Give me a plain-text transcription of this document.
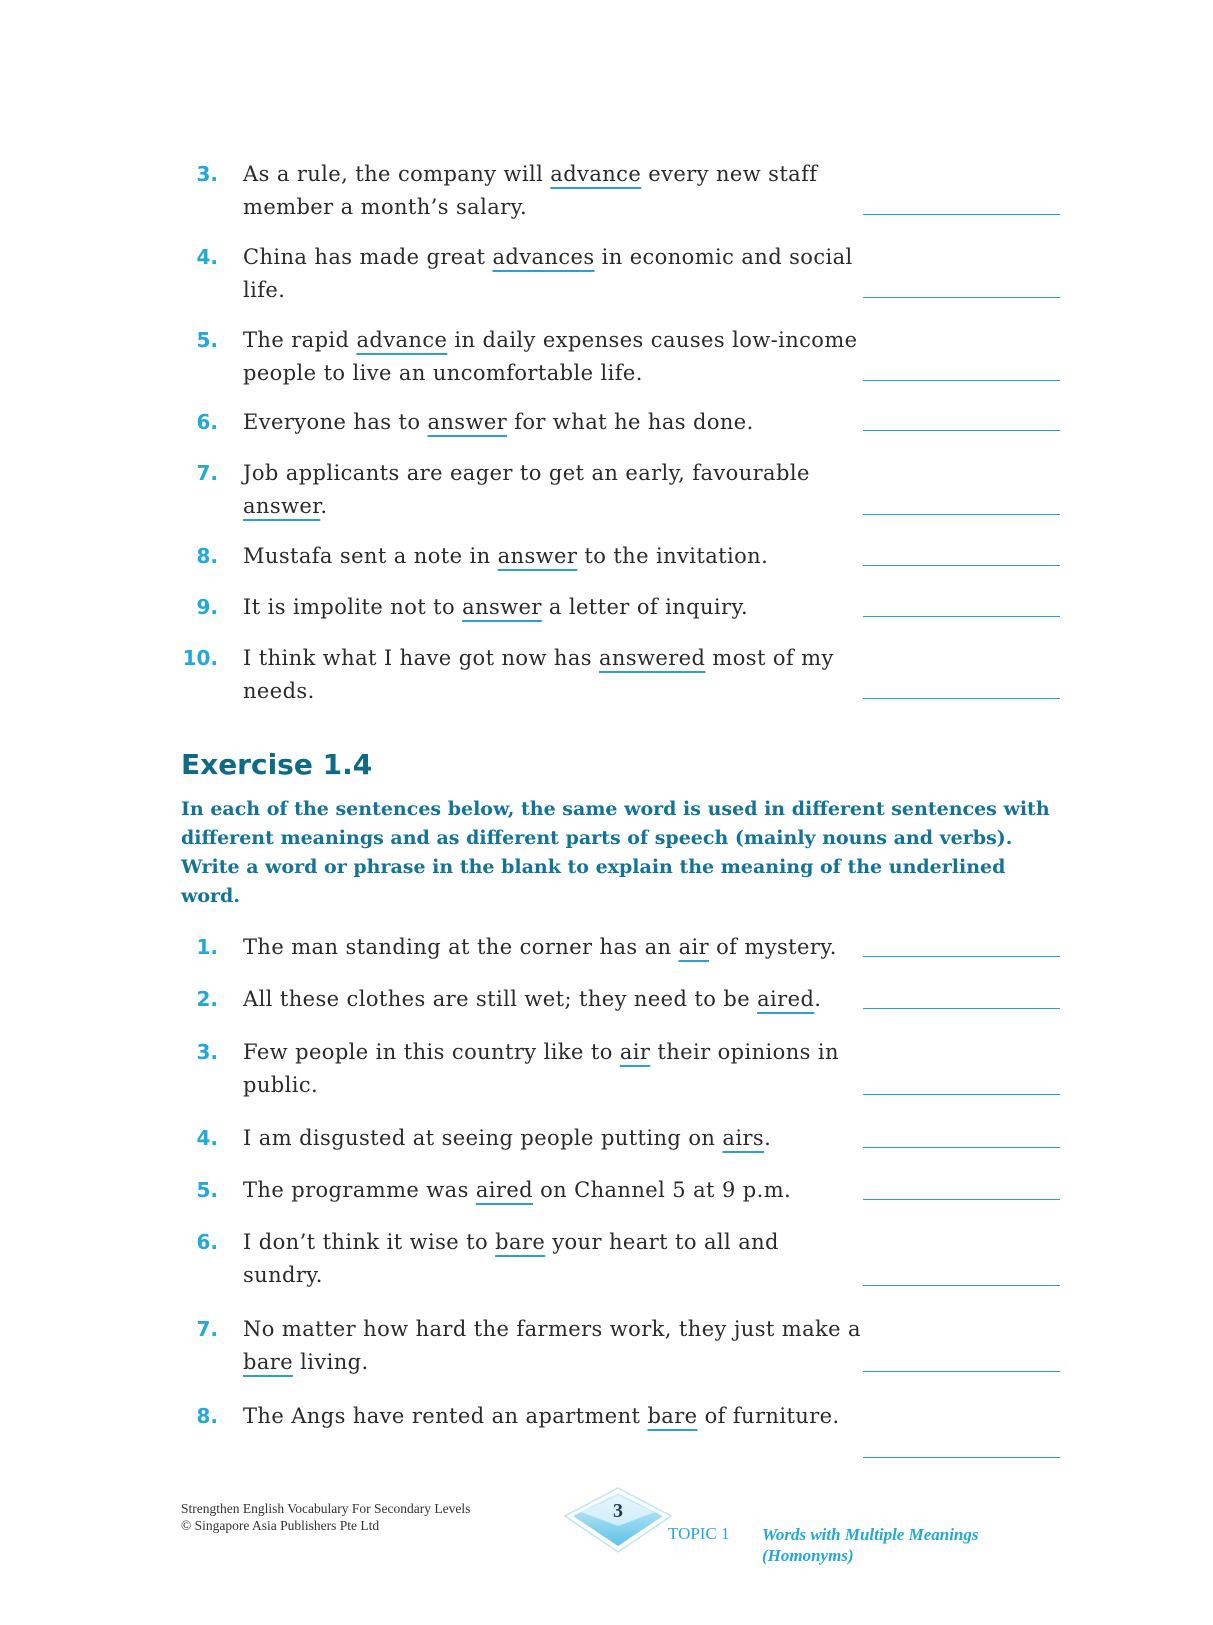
3. As a rule, the company will advance every new staff member a month’s salary.
4. China has made great advances in economic and social life.
5. The rapid advance in daily expenses causes low-income people to live an uncomfortable life.
6. Everyone has to answer for what he has done.
7. Job applicants are eager to get an early, favourable answer.
8. Mustafa sent a note in answer to the invitation.
9. It is impolite not to answer a letter of inquiry.
10. I think what I have got now has answered most of my needs.
Exercise 1.4

In each of the sentences below, the same word is used in different sentences with different meanings and as different parts of speech (mainly nouns and verbs). Write a word or phrase in the blank to explain the meaning of the underlined word.

1. The man standing at the corner has an air of mystery.
2. All these clothes are still wet; they need to be aired.
3. Few people in this country like to air their opinions in public.
4. I am disgusted at seeing people putting on airs.
5. The programme was aired on Channel 5 at 9 p.m.
6. I don’t think it wise to bare your heart to all and sundry.
7. No matter how hard the farmers work, they just make a bare living.
8. The Angs have rented an apartment bare of furniture.
Strengthen English Vocabulary For Secondary Levels
© Singapore Asia Publishers Pte Ltd
3
TOPIC 1 Words with Multiple Meanings
(Homonyms)
